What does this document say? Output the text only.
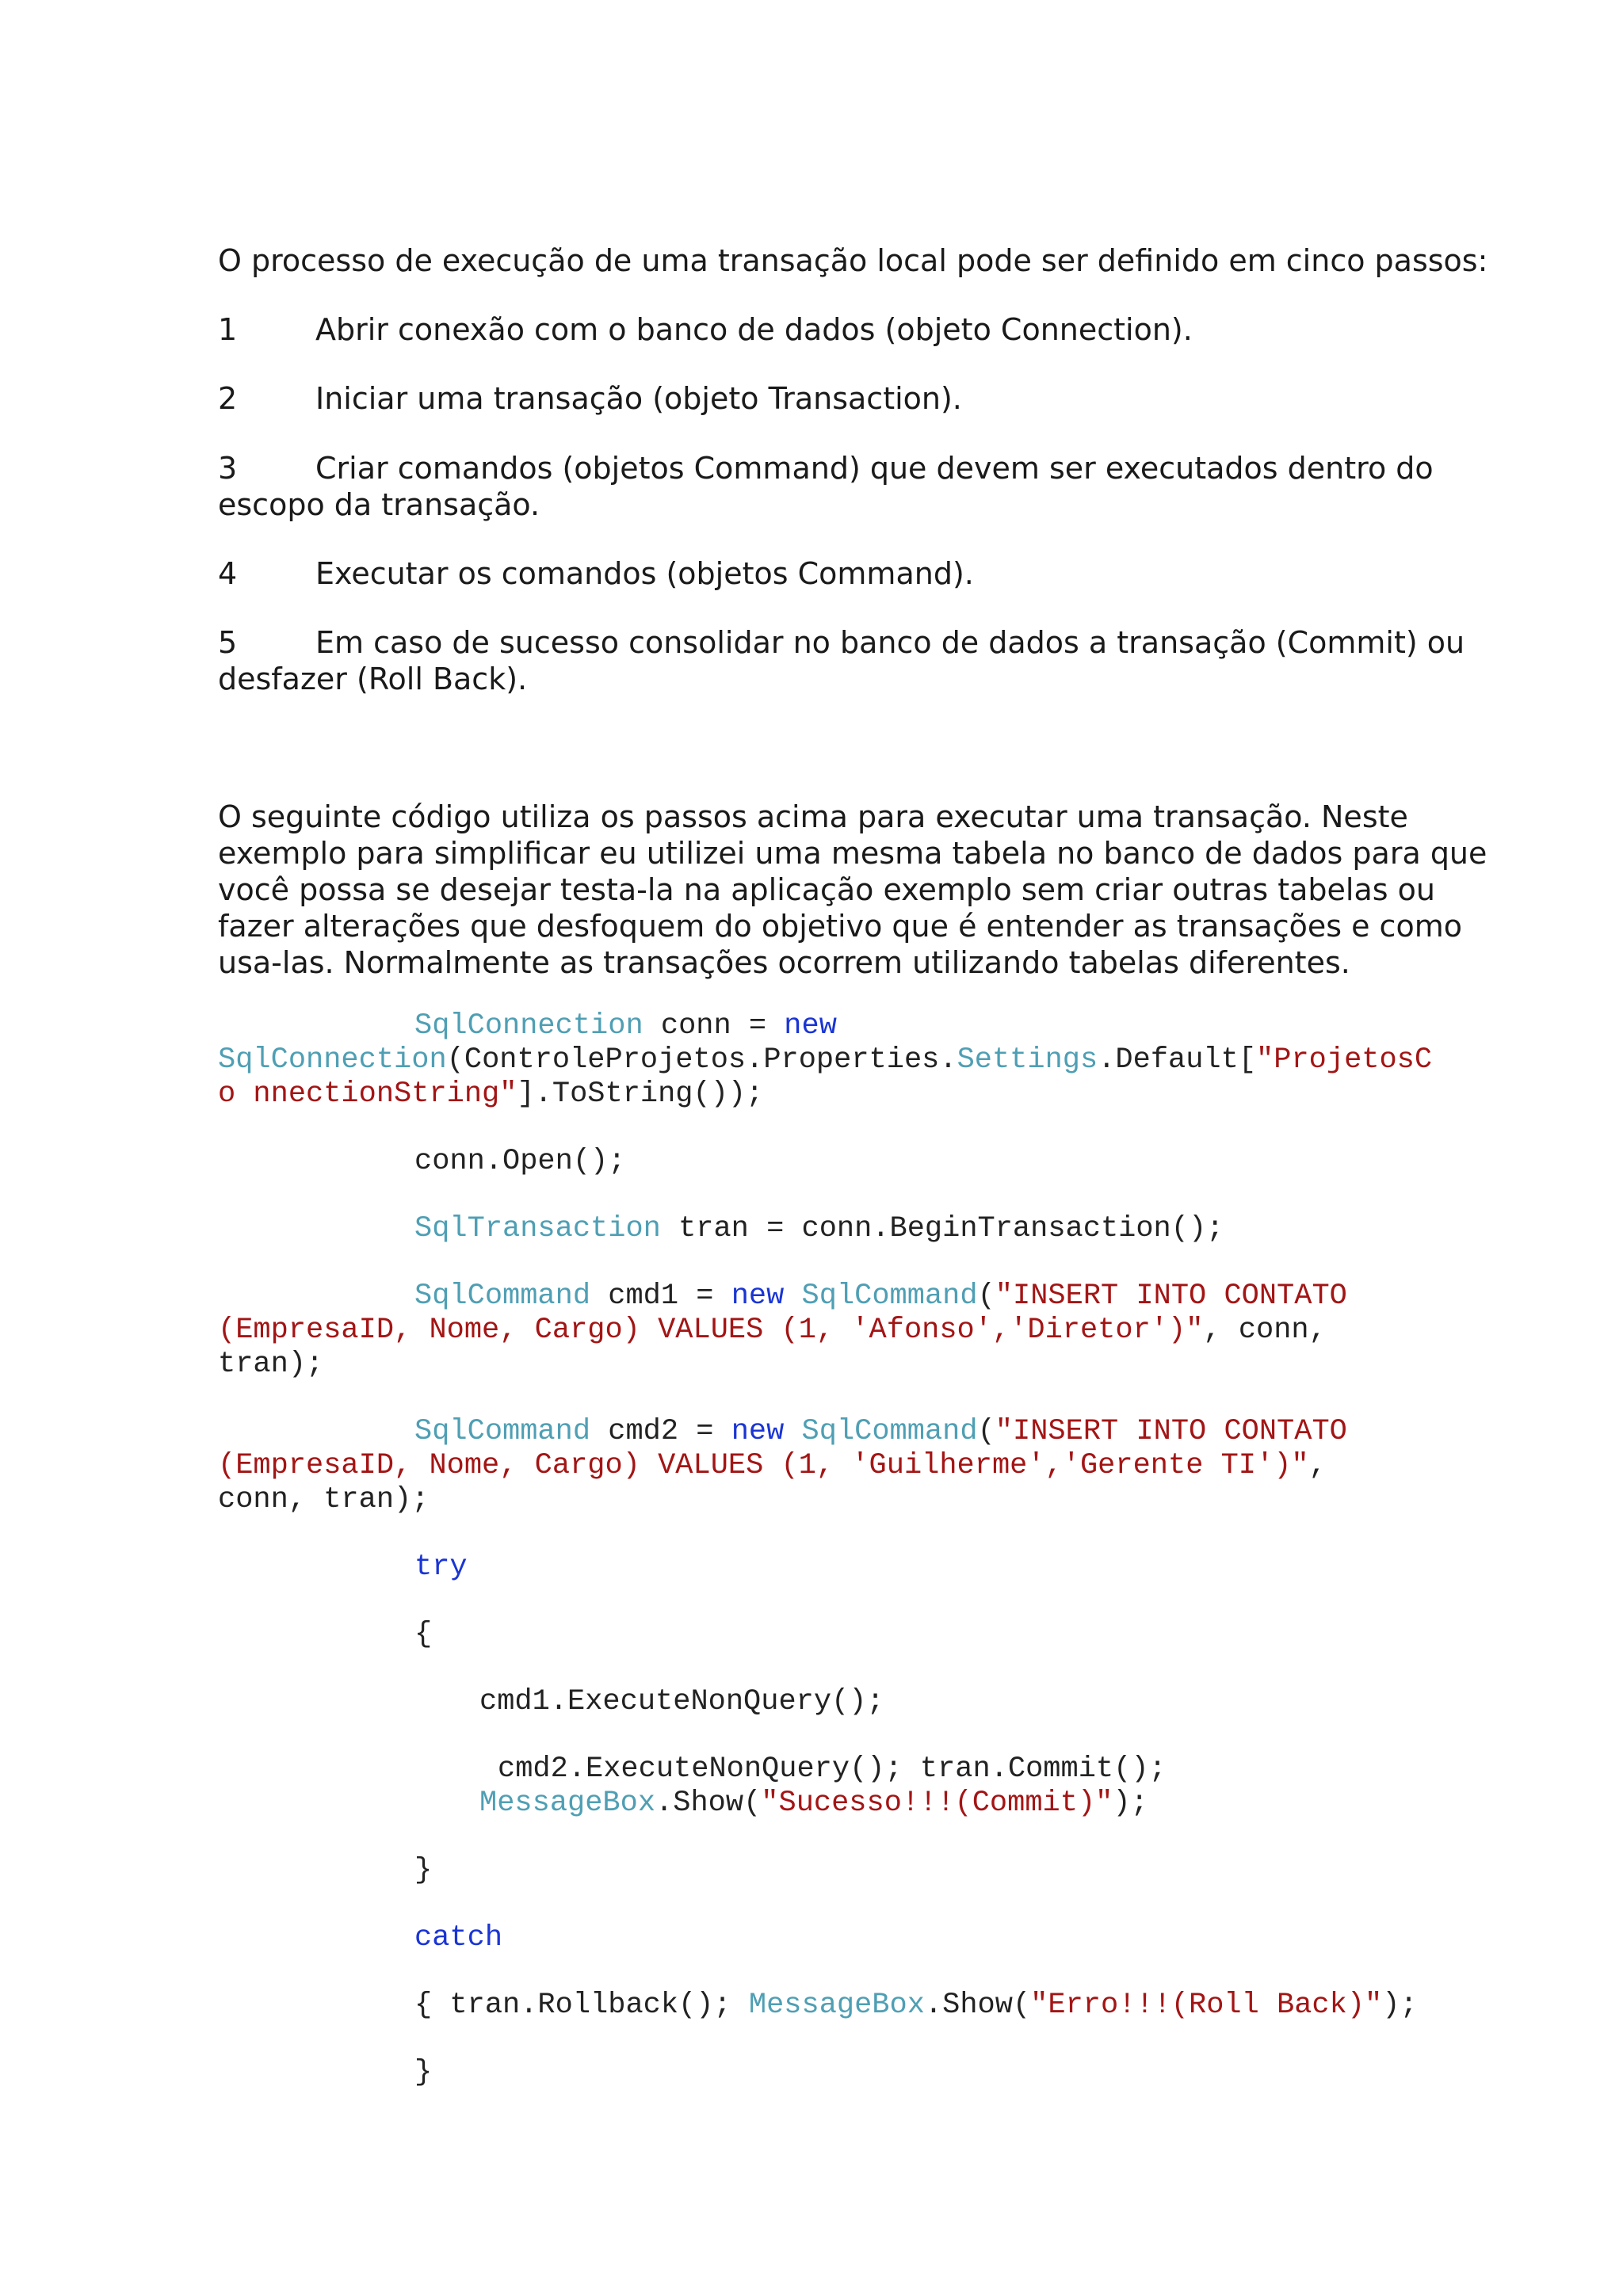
O processo de execução de uma transação local pode ser definido em cinco passos:

1	Abrir conexão com o banco de dados (objeto Connection).
2	Iniciar uma transação (objeto Transaction).
3	Criar comandos (objetos Command) que devem ser executados dentro do
escopo da transação.
4	Executar os comandos (objetos Command).
5	Em caso de sucesso consolidar no banco de dados a transação (Commit) ou
desfazer (Roll Back).
O seguinte código utiliza os passos acima para executar uma transação. Neste
exemplo para simplificar eu utilizei uma mesma tabela no banco de dados para que
você possa se desejar testa-la na aplicação exemplo sem criar outras tabelas ou
fazer alterações que desfoquem do objetivo que é entender as transações e como
usa-las. Normalmente as transações ocorrem utilizando tabelas diferentes.
SqlConnection conn = new
SqlConnection(ControleProjetos.Properties.Settings.Default["ProjetosC
o nnectionString"].ToString());
conn.Open();
SqlTransaction tran = conn.BeginTransaction();
SqlCommand cmd1 = new SqlCommand("INSERT INTO CONTATO
(EmpresaID, Nome, Cargo) VALUES (1, 'Afonso','Diretor')", conn,
tran);
SqlCommand cmd2 = new SqlCommand("INSERT INTO CONTATO
(EmpresaID, Nome, Cargo) VALUES (1, 'Guilherme','Gerente TI')",
conn, tran);
try
{
cmd1.ExecuteNonQuery();
cmd2.ExecuteNonQuery(); tran.Commit();
MessageBox.Show("Sucesso!!!(Commit)");
}
catch
{ tran.Rollback(); MessageBox.Show("Erro!!!(Roll Back)");
}
